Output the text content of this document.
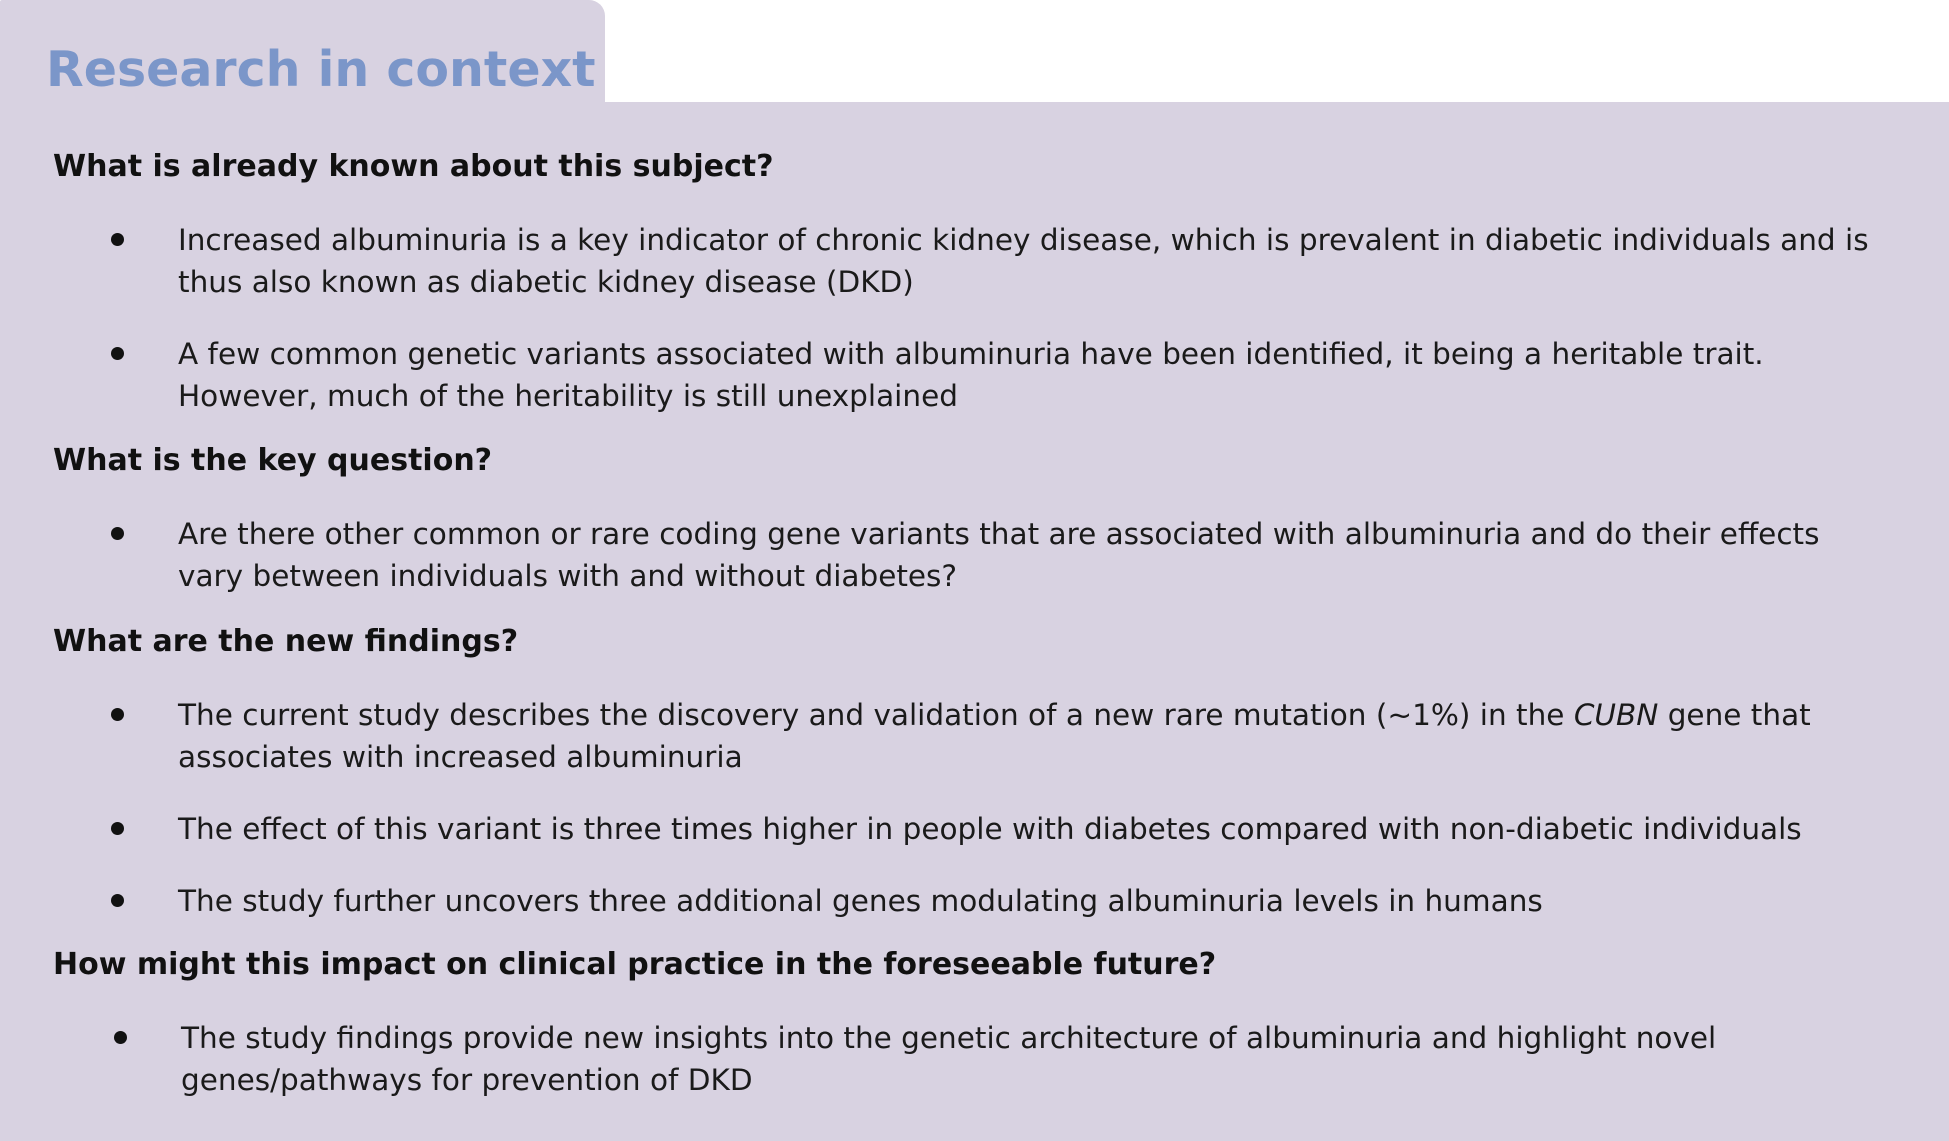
Research in context
What is already known about this subject?
Increased albuminuria is a key indicator of chronic kidney disease, which is prevalent in diabetic individuals and is thus also known as diabetic kidney disease (DKD)
A few common genetic variants associated with albuminuria have been identified, it being a heritable trait. However, much of the heritability is still unexplained
What is the key question?
Are there other common or rare coding gene variants that are associated with albuminuria and do their effects vary between individuals with and without diabetes?
What are the new findings?
The current study describes the discovery and validation of a new rare mutation (~1%) in the CUBN gene that associates with increased albuminuria
The effect of this variant is three times higher in people with diabetes compared with non-diabetic individuals
The study further uncovers three additional genes modulating albuminuria levels in humans
How might this impact on clinical practice in the foreseeable future?
The study findings provide new insights into the genetic architecture of albuminuria and highlight novel genes/pathways for prevention of DKD
